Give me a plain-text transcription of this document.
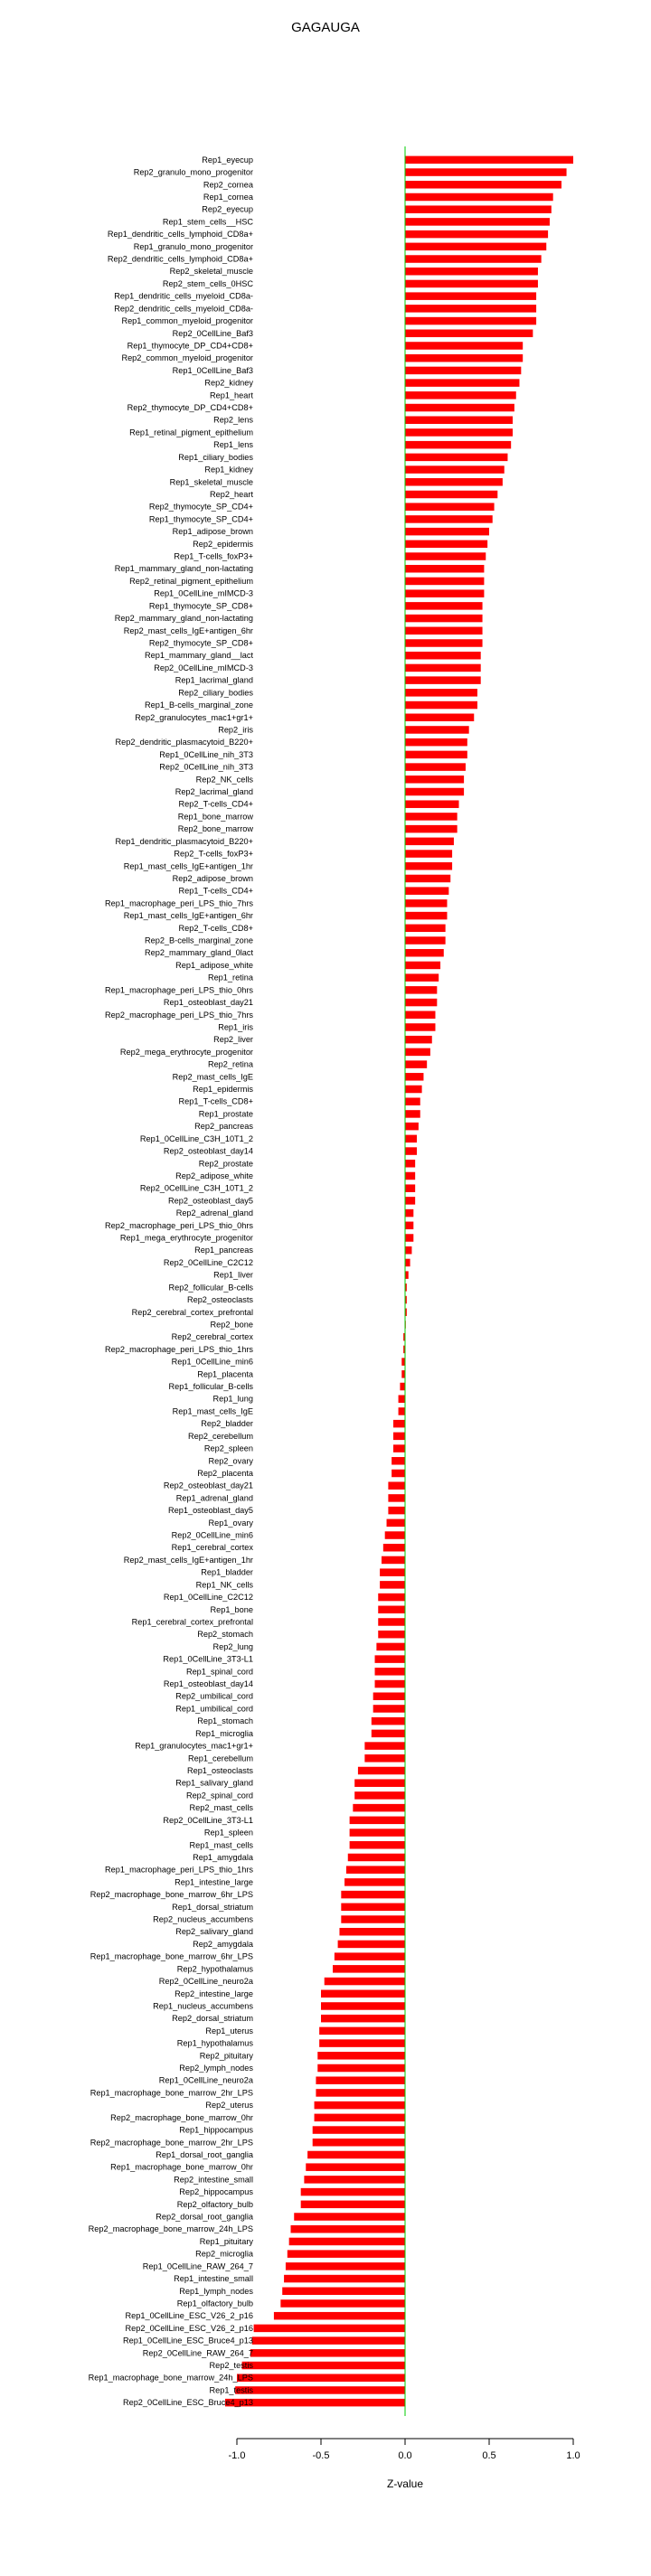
GAGAUGA
Rep1_eyecup
Rep2_granulo_mono_progenitor
Rep2_cornea
Rep1_cornea
Rep2_eyecup
Rep1_stem_cells__HSC
Rep1_dendritic_cells_lymphoid_CD8a+
Rep1_granulo_mono_progenitor
Rep2_dendritic_cells_lymphoid_CD8a+
Rep2_skeletal_muscle
Rep2_stem_cells_0HSC
Rep1_dendritic_cells_myeloid_CD8a-
Rep2_dendritic_cells_myeloid_CD8a-
Rep1_common_myeloid_progenitor
Rep2_0CellLine_Baf3
Rep1_thymocyte_DP_CD4+CD8+
Rep2_common_myeloid_progenitor
Rep1_0CellLine_Baf3
Rep2_kidney
Rep1_heart
Rep2_thymocyte_DP_CD4+CD8+
Rep2_lens
Rep1_retinal_pigment_epithelium
Rep1_lens
Rep1_ciliary_bodies
Rep1_kidney
Rep1_skeletal_muscle
Rep2_heart
Rep2_thymocyte_SP_CD4+
Rep1_thymocyte_SP_CD4+
Rep1_adipose_brown
Rep2_epidermis
Rep1_T-cells_foxP3+
Rep1_mammary_gland_non-lactating
Rep2_retinal_pigment_epithelium
Rep1_0CellLine_mIMCD-3
Rep1_thymocyte_SP_CD8+
Rep2_mammary_gland_non-lactating
Rep2_mast_cells_IgE+antigen_6hr
Rep2_thymocyte_SP_CD8+
Rep1_mammary_gland__lact
Rep2_0CellLine_mIMCD-3
Rep1_lacrimal_gland
Rep2_ciliary_bodies
Rep1_B-cells_marginal_zone
Rep2_granulocytes_mac1+gr1+
Rep2_iris
Rep2_dendritic_plasmacytoid_B220+
Rep1_0CellLine_nih_3T3
Rep2_0CellLine_nih_3T3
Rep2_NK_cells
Rep2_lacrimal_gland
Rep2_T-cells_CD4+
Rep1_bone_marrow
Rep2_bone_marrow
Rep1_dendritic_plasmacytoid_B220+
Rep2_T-cells_foxP3+
Rep1_mast_cells_IgE+antigen_1hr
Rep2_adipose_brown
Rep1_T-cells_CD4+
Rep1_macrophage_peri_LPS_thio_7hrs
Rep1_mast_cells_IgE+antigen_6hr
Rep2_T-cells_CD8+
Rep2_B-cells_marginal_zone
Rep2_mammary_gland_0lact
Rep1_adipose_white
Rep1_retina
Rep1_macrophage_peri_LPS_thio_0hrs
Rep1_osteoblast_day21
Rep2_macrophage_peri_LPS_thio_7hrs
Rep1_iris
Rep2_liver
Rep2_mega_erythrocyte_progenitor
Rep2_retina
Rep2_mast_cells_IgE
Rep1_epidermis
Rep1_T-cells_CD8+
Rep1_prostate
Rep2_pancreas
Rep1_0CellLine_C3H_10T1_2
Rep2_osteoblast_day14
Rep2_prostate
Rep2_adipose_white
Rep2_0CellLine_C3H_10T1_2
Rep2_osteoblast_day5
Rep2_adrenal_gland
Rep2_macrophage_peri_LPS_thio_0hrs
Rep1_mega_erythrocyte_progenitor
Rep1_pancreas
Rep2_0CellLine_C2C12
Rep1_liver
Rep2_follicular_B-cells
Rep2_osteoclasts
Rep2_cerebral_cortex_prefrontal
Rep2_bone
Rep2_cerebral_cortex
Rep2_macrophage_peri_LPS_thio_1hrs
Rep1_0CellLine_min6
Rep1_placenta
Rep1_follicular_B-cells
Rep1_lung
Rep1_mast_cells_IgE
Rep2_bladder
Rep2_cerebellum
Rep2_spleen
Rep2_ovary
Rep2_placenta
Rep2_osteoblast_day21
Rep1_adrenal_gland
Rep1_osteoblast_day5
Rep1_ovary
Rep2_0CellLine_min6
Rep1_cerebral_cortex
Rep2_mast_cells_IgE+antigen_1hr
Rep1_bladder
Rep1_NK_cells
Rep1_0CellLine_C2C12
Rep1_bone
Rep1_cerebral_cortex_prefrontal
Rep2_stomach
Rep2_lung
Rep1_0CellLine_3T3-L1
Rep1_spinal_cord
Rep1_osteoblast_day14
Rep2_umbilical_cord
Rep1_umbilical_cord
Rep1_stomach
Rep1_microglia
Rep1_granulocytes_mac1+gr1+
Rep1_cerebellum
Rep1_osteoclasts
Rep1_salivary_gland
Rep2_spinal_cord
Rep2_mast_cells
Rep2_0CellLine_3T3-L1
Rep1_spleen
Rep1_mast_cells
Rep1_amygdala
Rep1_macrophage_peri_LPS_thio_1hrs
Rep1_intestine_large
Rep2_macrophage_bone_marrow_6hr_LPS
Rep1_dorsal_striatum
Rep2_nucleus_accumbens
Rep2_salivary_gland
Rep2_amygdala
Rep1_macrophage_bone_marrow_6hr_LPS
Rep2_hypothalamus
Rep2_0CellLine_neuro2a
Rep2_intestine_large
Rep1_nucleus_accumbens
Rep2_dorsal_striatum
Rep1_uterus
Rep1_hypothalamus
Rep2_pituitary
Rep2_lymph_nodes
Rep1_0CellLine_neuro2a
Rep1_macrophage_bone_marrow_2hr_LPS
Rep2_uterus
Rep2_macrophage_bone_marrow_0hr
Rep1_hippocampus
Rep2_macrophage_bone_marrow_2hr_LPS
Rep1_dorsal_root_ganglia
Rep1_macrophage_bone_marrow_0hr
Rep2_intestine_small
Rep2_hippocampus
Rep2_olfactory_bulb
Rep2_dorsal_root_ganglia
Rep2_macrophage_bone_marrow_24h_LPS
Rep1_pituitary
Rep2_microglia
Rep1_0CellLine_RAW_264_7
Rep1_intestine_small
Rep1_lymph_nodes
Rep1_olfactory_bulb
Rep1_0CellLine_ESC_V26_2_p16
Rep2_0CellLine_ESC_V26_2_p16
Rep1_0CellLine_ESC_Bruce4_p13
Rep2_0CellLine_RAW_264_7
Rep2_testis
Rep1_macrophage_bone_marrow_24h_LPS
Rep1_testis
Rep2_0CellLine_ESC_Bruce4_p13
-1.0	-0.5	0.0	0.5	1.0
Z-value
